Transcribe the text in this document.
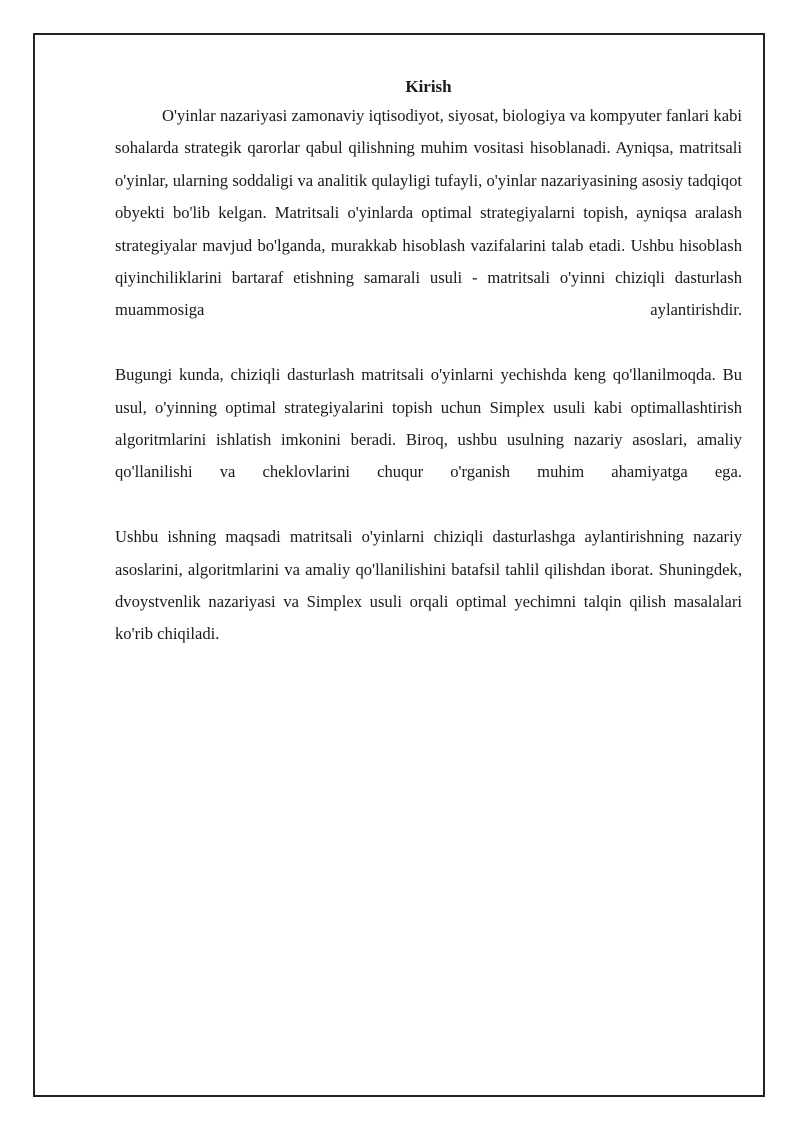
Kirish

O'yinlar nazariyasi zamonaviy iqtisodiyot, siyosat, biologiya va kompyuter fanlari kabi sohalarda strategik qarorlar qabul qilishning muhim vositasi hisoblanadi. Ayniqsa, matritsali o'yinlar, ularning soddaligi va analitik qulayligi tufayli, o'yinlar nazariyasining asosiy tadqiqot obyekti bo'lib kelgan. Matritsali o'yinlarda optimal strategiyalarni topish, ayniqsa aralash strategiyalar mavjud bo'lganda, murakkab hisoblash vazifalarini talab etadi. Ushbu hisoblash qiyinchiliklarini bartaraf etishning samarali usuli - matritsali o'yinni chiziqli dasturlash muammosiga aylantirishdir.

Bugungi kunda, chiziqli dasturlash matritsali o'yinlarni yechishda keng qo'llanilmoqda. Bu usul, o'yinning optimal strategiyalarini topish uchun Simplex usuli kabi optimallashtirish algoritmlarini ishlatish imkonini beradi. Biroq, ushbu usulning nazariy asoslari, amaliy qo'llanilishi va cheklovlarini chuqur o'rganish muhim ahamiyatga ega.

Ushbu ishning maqsadi matritsali o'yinlarni chiziqli dasturlashga aylantirishning nazariy asoslarini, algoritmlarini va amaliy qo'llanilishini batafsil tahlil qilishdan iborat. Shuningdek, dvoystvenlik nazariyasi va Simplex usuli orqali optimal yechimni talqin qilish masalalari ko'rib chiqiladi.
